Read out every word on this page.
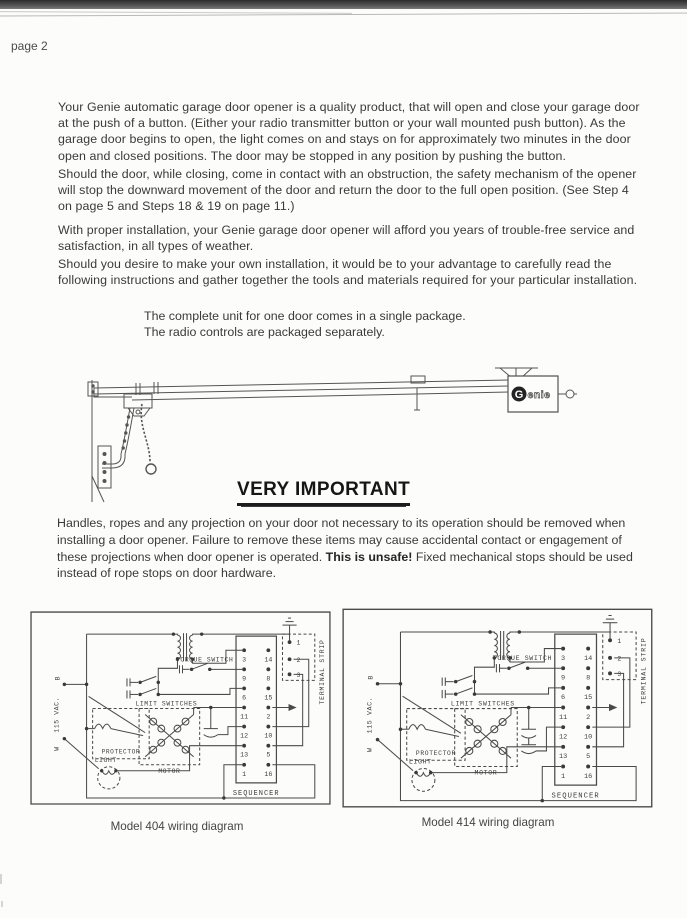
page 2
Your Genie automatic garage door opener is a quality product, that will open and close your garage door at the push of a button. (Either your radio transmitter button or your wall mounted push button). As the garage door begins to open, the light comes on and stays on for approximately two minutes in the door open and closed positions. The door may be stopped in any position by pushing the button.
Should the door, while closing, come in contact with an obstruction, the safety mechanism of the opener will stop the downward movement of the door and return the door to the full open position. (See Step 4 on page 5 and Steps 18 & 19 on page 11.)
With proper installation, your Genie garage door opener will afford you years of trouble-free service and satisfaction, in all types of weather.
Should you desire to make your own installation, it would be to your advantage to carefully read the following instructions and gather together the tools and materials required for your particular installation.
The complete unit for one door comes in a single package.
The radio controls are packaged separately.
G enie
VERY IMPORTANT
Handles, ropes and any projection on your door not necessary to its operation should be removed when installing a door opener. Failure to remove these items may cause accidental contact or engagement of these projections when door opener is operated. This is unsafe! Fixed mechanical stops should be used instead of rope stops on door hardware.
3
9
6
11
12
13
1
14
8
15
2
10
5
16
1
2
3
TORQUE SWITCH
LIMIT SWITCHES
PROTECTOR
MOTOR
LIGHT
SEQUENCER
TERMINAL STRIP
115 VAC.
B
W
3
9
6
11
12
13
1
14
8
15
2
10
5
16
1
2
3
TORQUE SWITCH
LIMIT SWITCHES
PROTECTOR
MOTOR
LIGHT
SEQUENCER
TERMINAL STRIP
115 VAC.
B
W
Model 404 wiring diagram	Model 414 wiring diagram
